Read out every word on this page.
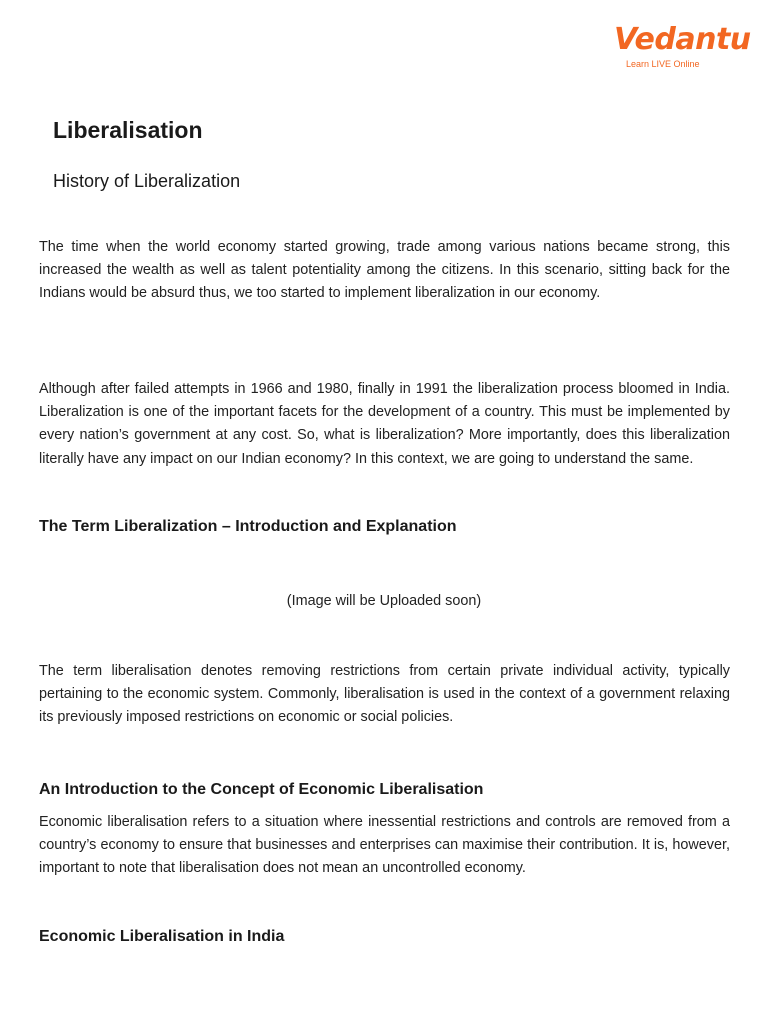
Vedantu
Learn LIVE Online
Liberalisation
History of Liberalization

The time when the world economy started growing, trade among various nations became strong, this increased the wealth as well as talent potentiality among the citizens. In this scenario, sitting back for the Indians would be absurd thus, we too started to implement liberalization in our economy.

Although after failed attempts in 1966 and 1980, finally in 1991 the liberalization process bloomed in India. Liberalization is one of the important facets for the development of a country. This must be implemented by every nation’s government at any cost. So, what is liberalization? More importantly, does this liberalization literally have any impact on our Indian economy? In this context, we are going to understand the same.

The Term Liberalization – Introduction and Explanation
(Image will be Uploaded soon)

The term liberalisation denotes removing restrictions from certain private individual activity, typically pertaining to the economic system. Commonly, liberalisation is used in the context of a government relaxing its previously imposed restrictions on economic or social policies.

An Introduction to the Concept of Economic Liberalisation

Economic liberalisation refers to a situation where inessential restrictions and controls are removed from a country’s economy to ensure that businesses and enterprises can maximise their contribution. It is, however, important to note that liberalisation does not mean an uncontrolled economy.

Economic Liberalisation in India
